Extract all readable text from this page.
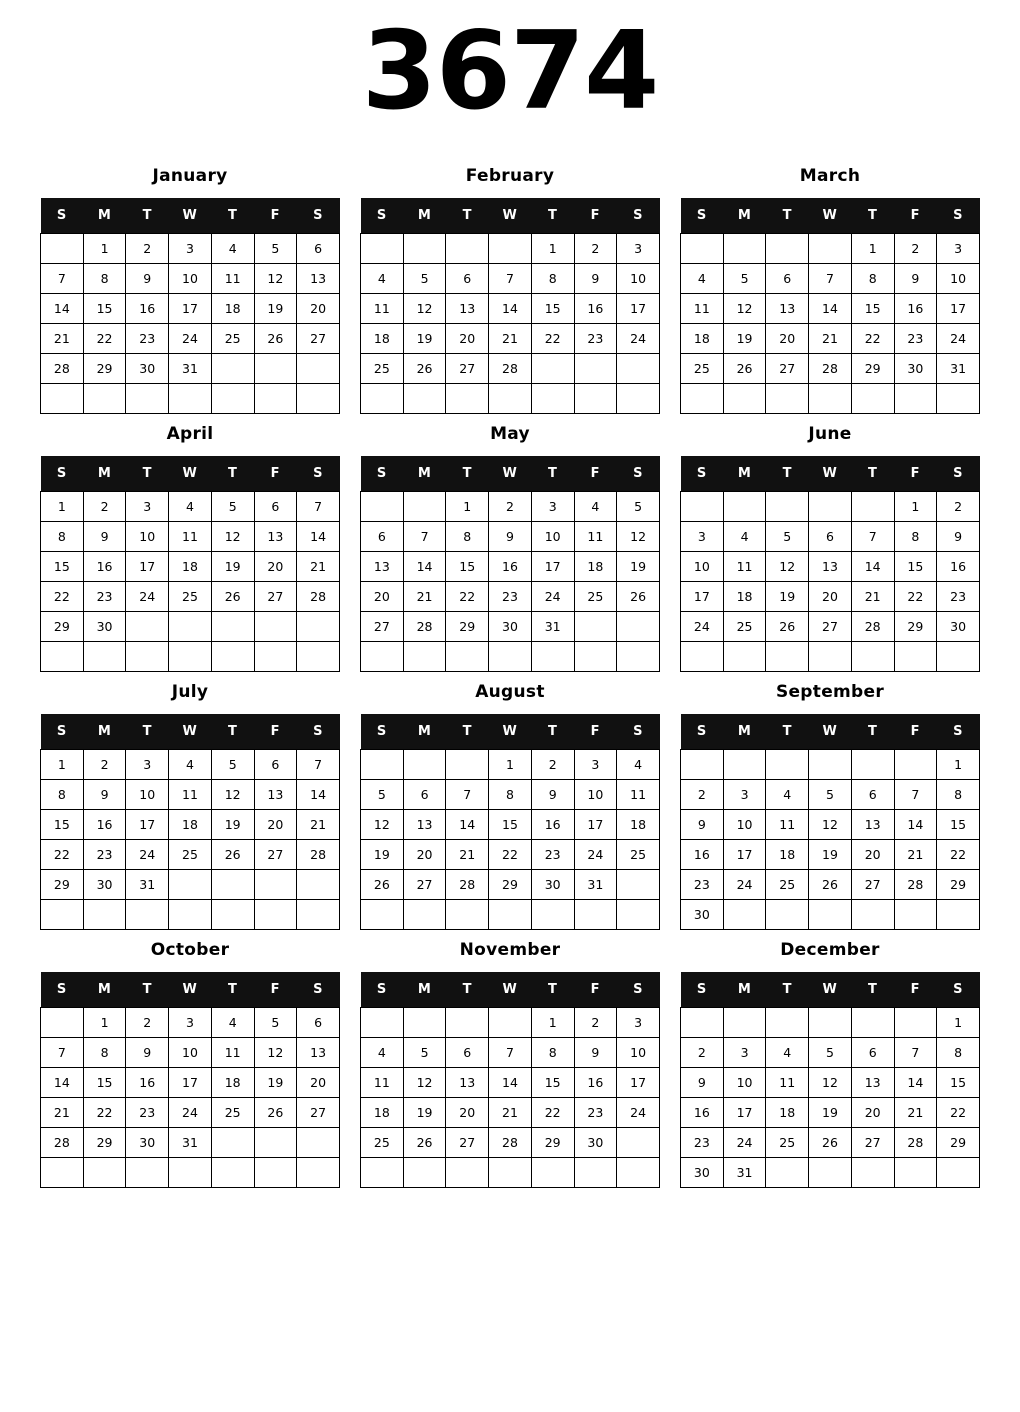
3674
January
S	M	T	W	T	F	S
	1	2	3	4	5	6
7	8	9	10	11	12	13
14	15	16	17	18	19	20
21	22	23	24	25	26	27
28	29	30	31			

February
S	M	T	W	T	F	S
				1	2	3
4	5	6	7	8	9	10
11	12	13	14	15	16	17
18	19	20	21	22	23	24
25	26	27	28			

March
S	M	T	W	T	F	S
				1	2	3
4	5	6	7	8	9	10
11	12	13	14	15	16	17
18	19	20	21	22	23	24
25	26	27	28	29	30	31

April
S	M	T	W	T	F	S
1	2	3	4	5	6	7
8	9	10	11	12	13	14
15	16	17	18	19	20	21
22	23	24	25	26	27	28
29	30					

May
S	M	T	W	T	F	S
		1	2	3	4	5
6	7	8	9	10	11	12
13	14	15	16	17	18	19
20	21	22	23	24	25	26
27	28	29	30	31		

June
S	M	T	W	T	F	S
					1	2
3	4	5	6	7	8	9
10	11	12	13	14	15	16
17	18	19	20	21	22	23
24	25	26	27	28	29	30

July
S	M	T	W	T	F	S
1	2	3	4	5	6	7
8	9	10	11	12	13	14
15	16	17	18	19	20	21
22	23	24	25	26	27	28
29	30	31				

August
S	M	T	W	T	F	S
			1	2	3	4
5	6	7	8	9	10	11
12	13	14	15	16	17	18
19	20	21	22	23	24	25
26	27	28	29	30	31	

September
S	M	T	W	T	F	S
						1
2	3	4	5	6	7	8
9	10	11	12	13	14	15
16	17	18	19	20	21	22
23	24	25	26	27	28	29
30						
October
S	M	T	W	T	F	S
	1	2	3	4	5	6
7	8	9	10	11	12	13
14	15	16	17	18	19	20
21	22	23	24	25	26	27
28	29	30	31			

November
S	M	T	W	T	F	S
				1	2	3
4	5	6	7	8	9	10
11	12	13	14	15	16	17
18	19	20	21	22	23	24
25	26	27	28	29	30	

December
S	M	T	W	T	F	S
						1
2	3	4	5	6	7	8
9	10	11	12	13	14	15
16	17	18	19	20	21	22
23	24	25	26	27	28	29
30	31					
